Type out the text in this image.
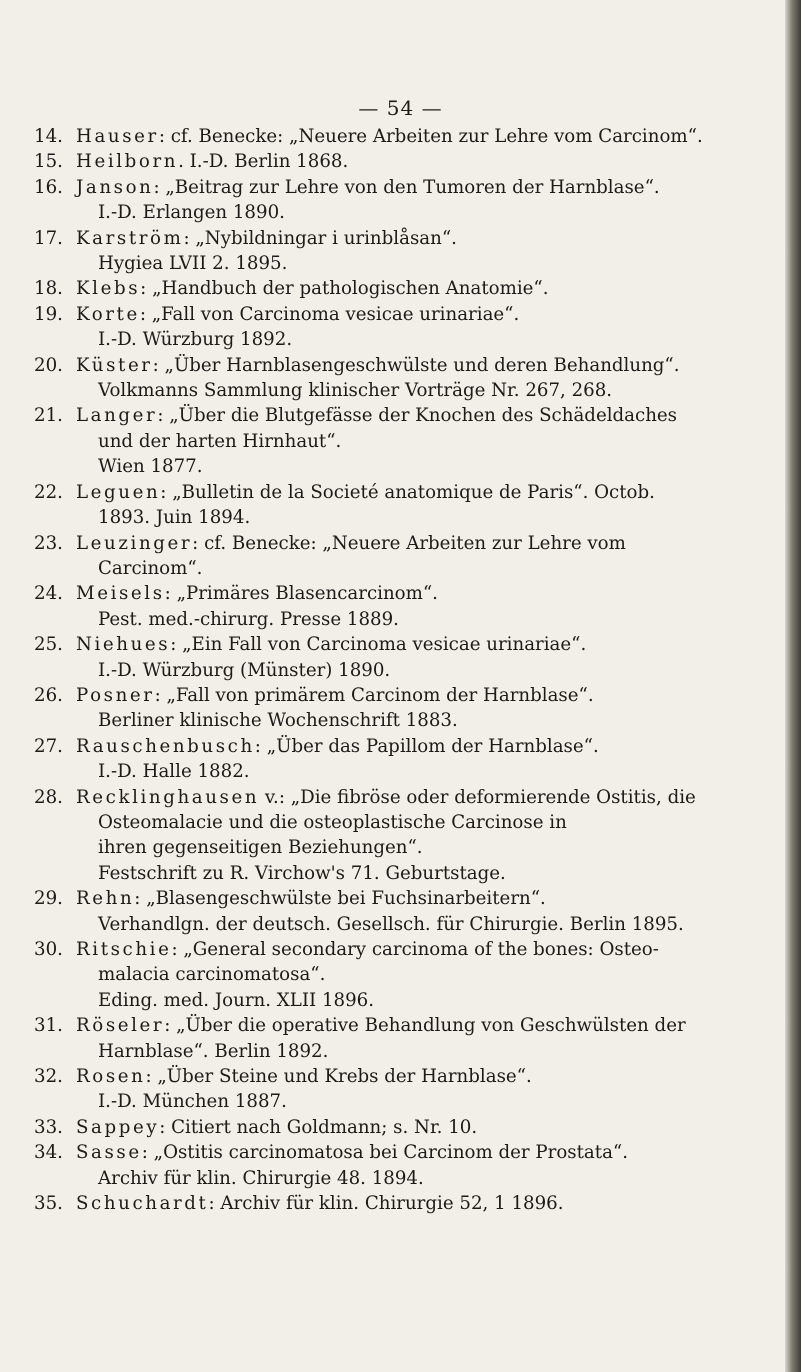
— 54 —
14. Hauser: cf. Benecke: „Neuere Arbeiten zur Lehre vom Carcinom“.
15. Heilborn. I.-D. Berlin 1868.
16. Janson: „Beitrag zur Lehre von den Tumoren der Harnblase“.
I.-D. Erlangen 1890.
17. Karström: „Nybildningar i urinblåsan“.
Hygiea LVII 2. 1895.
18. Klebs: „Handbuch der pathologischen Anatomie“.
19. Korte: „Fall von Carcinoma vesicae urinariae“.
I.-D. Würzburg 1892.
20. Küster: „Über Harnblasengeschwülste und deren Behandlung“.
Volkmanns Sammlung klinischer Vorträge Nr. 267, 268.
21. Langer: „Über die Blutgefässe der Knochen des Schädeldaches
und der harten Hirnhaut“.
Wien 1877.
22. Leguen: „Bulletin de la Societé anatomique de Paris“. Octob.
1893. Juin 1894.
23. Leuzinger: cf. Benecke: „Neuere Arbeiten zur Lehre vom
Carcinom“.
24. Meisels: „Primäres Blasencarcinom“.
Pest. med.-chirurg. Presse 1889.
25. Niehues: „Ein Fall von Carcinoma vesicae urinariae“.
I.-D. Würzburg (Münster) 1890.
26. Posner: „Fall von primärem Carcinom der Harnblase“.
Berliner klinische Wochenschrift 1883.
27. Rauschenbusch: „Über das Papillom der Harnblase“.
I.-D. Halle 1882.
28. Recklinghausen v.: „Die fibröse oder deformierende Ostitis, die
Osteomalacie und die osteoplastische Carcinose in
ihren gegenseitigen Beziehungen“.
Festschrift zu R. Virchow's 71. Geburtstage.
29. Rehn: „Blasengeschwülste bei Fuchsinarbeitern“.
Verhandlgn. der deutsch. Gesellsch. für Chirurgie. Berlin 1895.
30. Ritschie: „General secondary carcinoma of the bones: Osteo-
malacia carcinomatosa“.
Eding. med. Journ. XLII 1896.
31. Röseler: „Über die operative Behandlung von Geschwülsten der
Harnblase“. Berlin 1892.
32. Rosen: „Über Steine und Krebs der Harnblase“.
I.-D. München 1887.
33. Sappey: Citiert nach Goldmann; s. Nr. 10.
34. Sasse: „Ostitis carcinomatosa bei Carcinom der Prostata“.
Archiv für klin. Chirurgie 48. 1894.
35. Schuchardt: Archiv für klin. Chirurgie 52, 1 1896.
